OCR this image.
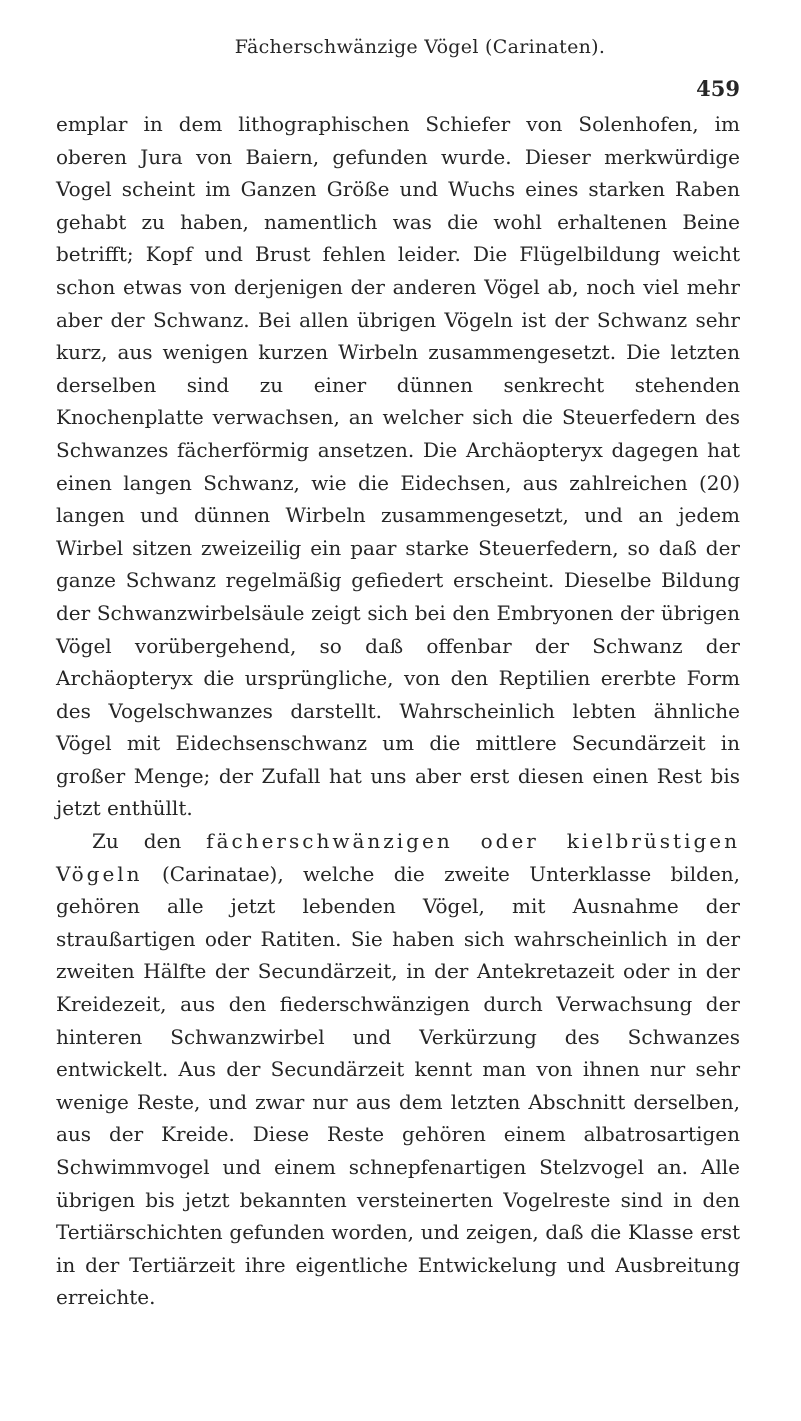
Fächerschwänzige Vögel (Carinaten).
459

emplar in dem lithographischen Schiefer von Solenhofen, im oberen Jura von Baiern, gefunden wurde. Dieser merkwürdige Vogel scheint im Ganzen Größe und Wuchs eines starken Raben gehabt zu haben, namentlich was die wohl erhaltenen Beine betrifft; Kopf und Brust fehlen leider. Die Flügelbildung weicht schon etwas von derjenigen der anderen Vögel ab, noch viel mehr aber der Schwanz. Bei allen übrigen Vögeln ist der Schwanz sehr kurz, aus wenigen kurzen Wirbeln zusammengesetzt. Die letzten derselben sind zu einer dünnen senkrecht stehenden Knochenplatte verwachsen, an welcher sich die Steuerfedern des Schwanzes fächerförmig ansetzen. Die Archäopteryx dagegen hat einen langen Schwanz, wie die Eidechsen, aus zahlreichen (20) langen und dünnen Wirbeln zusammengesetzt, und an jedem Wirbel sitzen zweizeilig ein paar starke Steuerfedern, so daß der ganze Schwanz regelmäßig gefiedert erscheint. Dieselbe Bildung der Schwanzwirbelsäule zeigt sich bei den Embryonen der übrigen Vögel vorübergehend, so daß offenbar der Schwanz der Archäopteryx die ursprüngliche, von den Reptilien ererbte Form des Vogelschwanzes darstellt. Wahrscheinlich lebten ähnliche Vögel mit Eidechsenschwanz um die mittlere Secundärzeit in großer Menge; der Zufall hat uns aber erst diesen einen Rest bis jetzt enthüllt.

Zu den fächerschwänzigen oder kielbrüstigen Vögeln (Carinatae), welche die zweite Unterklasse bilden, gehören alle jetzt lebenden Vögel, mit Ausnahme der straußartigen oder Ratiten. Sie haben sich wahrscheinlich in der zweiten Hälfte der Secundärzeit, in der Antekretazeit oder in der Kreidezeit, aus den fiederschwänzigen durch Verwachsung der hinteren Schwanzwirbel und Verkürzung des Schwanzes entwickelt. Aus der Secundärzeit kennt man von ihnen nur sehr wenige Reste, und zwar nur aus dem letzten Abschnitt derselben, aus der Kreide. Diese Reste gehören einem albatrosartigen Schwimmvogel und einem schnepfenartigen Stelzvogel an. Alle übrigen bis jetzt bekannten versteinerten Vogelreste sind in den Tertiärschichten gefunden worden, und zeigen, daß die Klasse erst in der Tertiärzeit ihre eigentliche Entwickelung und Ausbreitung erreichte.
